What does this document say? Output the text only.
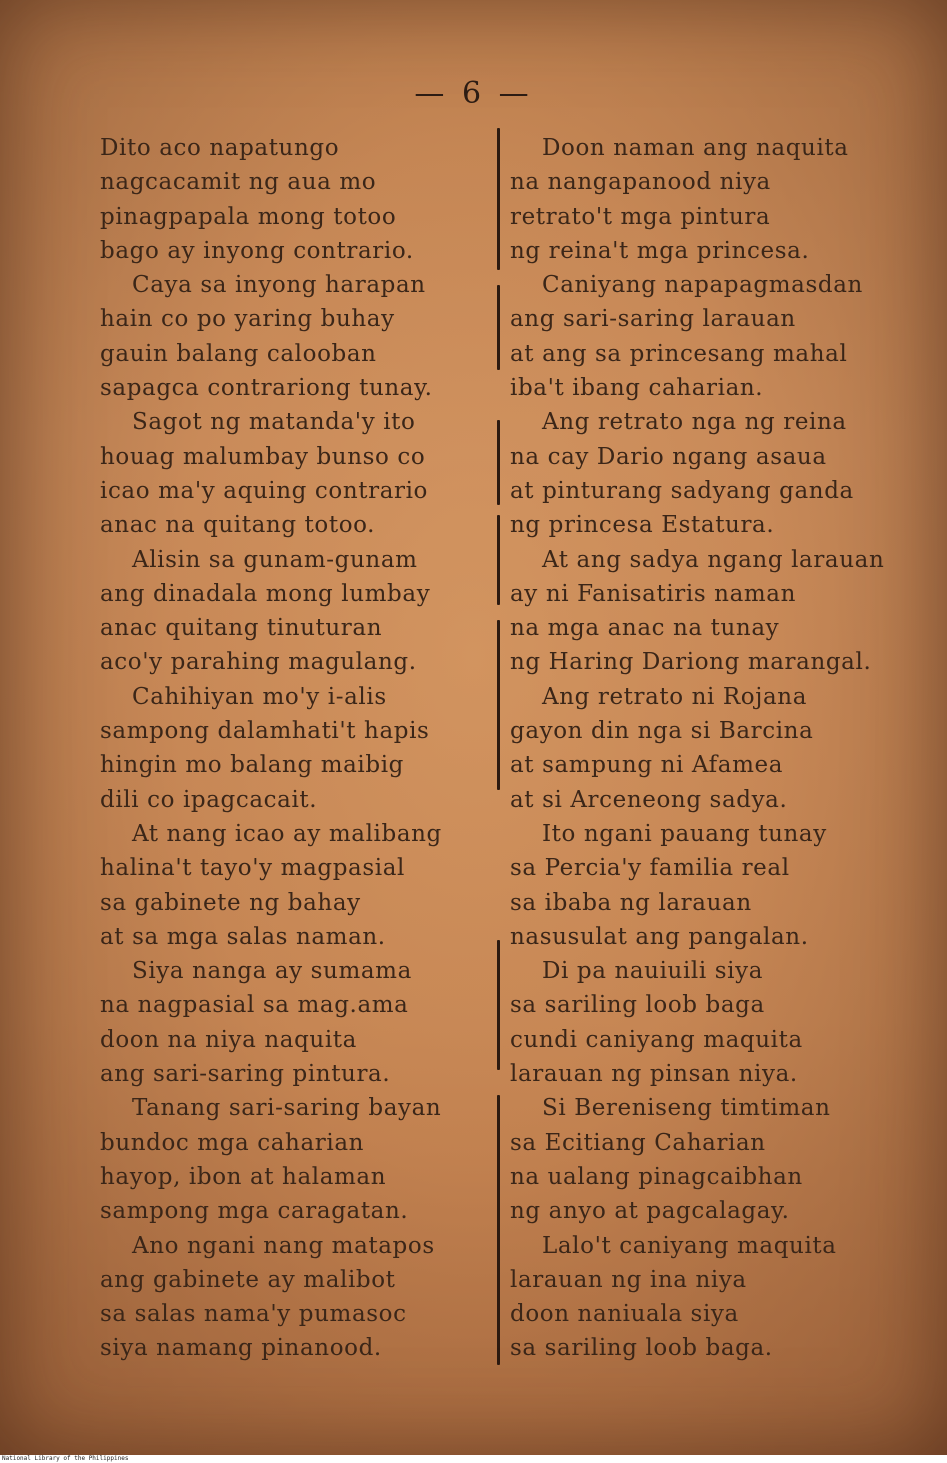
— 6 —
Dito aco napatungo
nagcacamit ng aua mo
pinagpapala mong totoo
bago ay inyong contrario.
Caya sa inyong harapan
hain co po yaring buhay
gauin balang calooban
sapagca contrariong tunay.
Sagot ng matanda'y ito
houag malumbay bunso co
icao ma'y aquing contrario
anac na quitang totoo.
Alisin sa gunam-gunam
ang dinadala mong lumbay
anac quitang tinuturan
aco'y parahing magulang.
Cahihiyan mo'y i-alis
sampong dalamhati't hapis
hingin mo balang maibig
dili co ipagcacait.
At nang icao ay malibang
halina't tayo'y magpasial
sa gabinete ng bahay
at sa mga salas naman.
Siya nanga ay sumama
na nagpasial sa mag.ama
doon na niya naquita
ang sari-saring pintura.
Tanang sari-saring bayan
bundoc mga caharian
hayop, ibon at halaman
sampong mga caragatan.
Ano ngani nang matapos
ang gabinete ay malibot
sa salas nama'y pumasoc
siya namang pinanood.
Doon naman ang naquita
na nangapanood niya
retrato't mga pintura
ng reina't mga princesa.
Caniyang napapagmasdan
ang sari-saring larauan
at ang sa princesang mahal
iba't ibang caharian.
Ang retrato nga ng reina
na cay Dario ngang asaua
at pinturang sadyang ganda
ng princesa Estatura.
At ang sadya ngang larauan
ay ni Fanisatiris naman
na mga anac na tunay
ng Haring Dariong marangal.
Ang retrato ni Rojana
gayon din nga si Barcina
at sampung ni Afamea
at si Arceneong sadya.
Ito ngani pauang tunay
sa Percia'y familia real
sa ibaba ng larauan
nasusulat ang pangalan.
Di pa nauiuili siya
sa sariling loob baga
cundi caniyang maquita
larauan ng pinsan niya.
Si Bereniseng timtiman
sa Ecitiang Caharian
na ualang pinagcaibhan
ng anyo at pagcalagay.
Lalo't caniyang maquita
larauan ng ina niya
doon naniuala siya
sa sariling loob baga.
National Library of the Philippines
